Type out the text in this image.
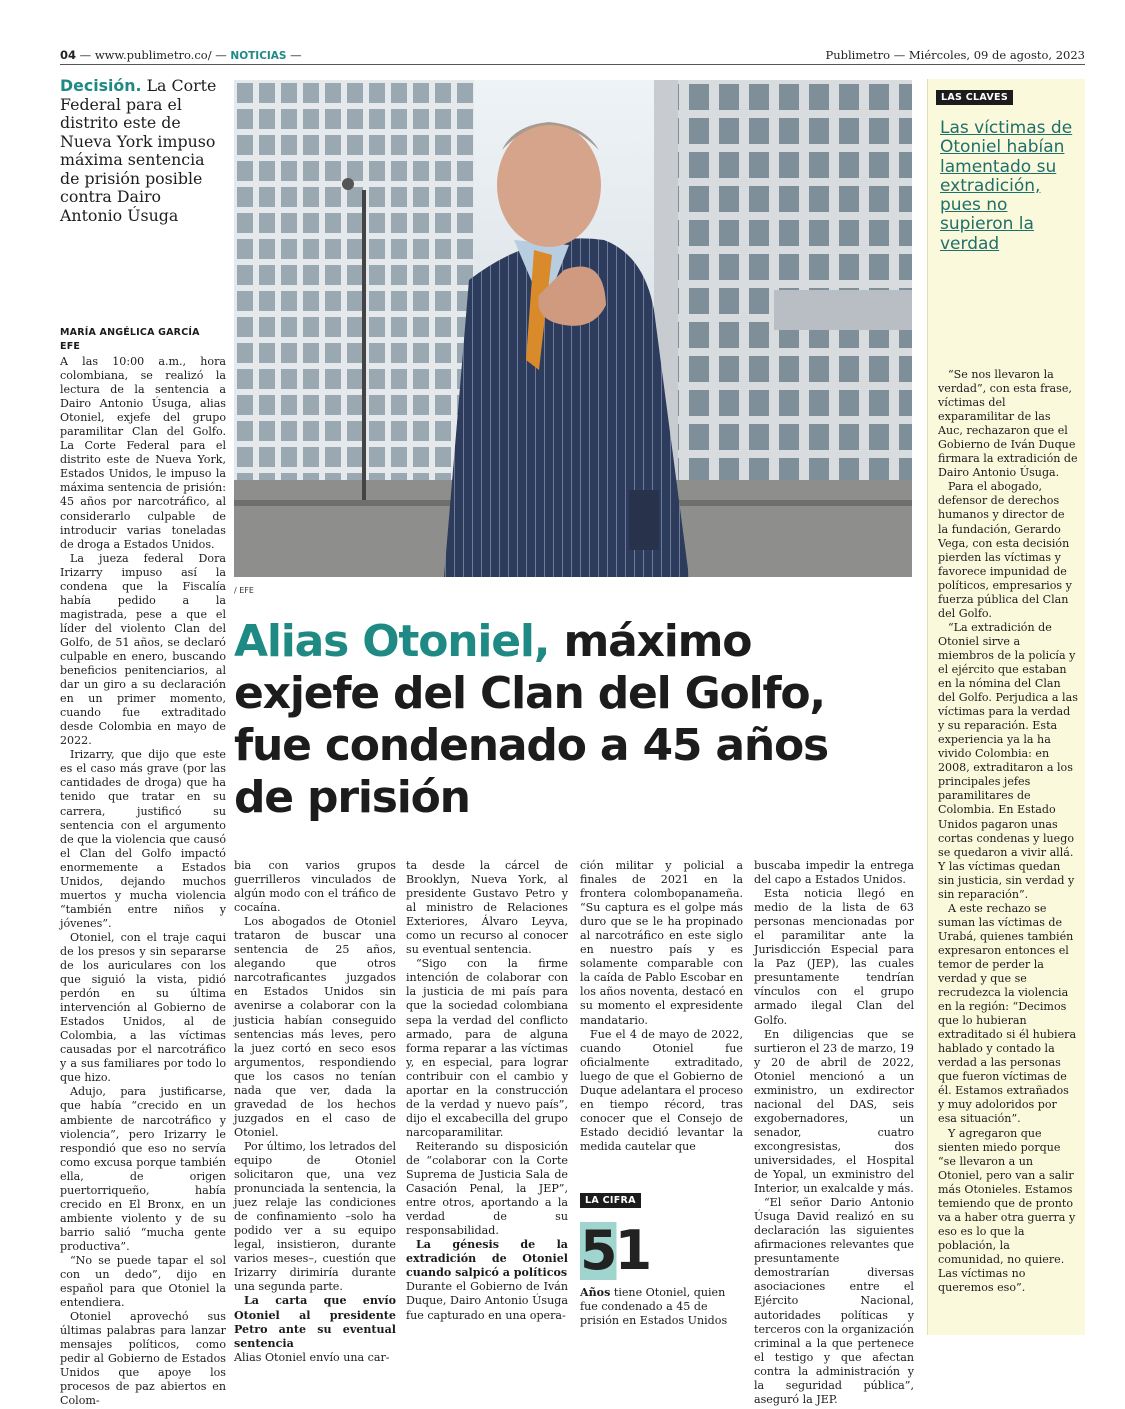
04 — www.publimetro.co/ — NOTICIAS —	Publimetro — Miércoles, 09 de agosto, 2023
Decisión. La Corte Federal para el distrito este de Nueva York impuso máxima sentencia de prisión posible contra Dairo Antonio Úsuga
/ EFE
Alias Otoniel, máximo exjefe del Clan del Golfo, fue condenado a 45 años de prisión
MARÍA ANGÉLICA GARCÍA
EFE

A las 10:00 a.m., hora colombiana, se realizó la lectura de la sentencia a Dairo Antonio Úsuga, alias Otoniel, exjefe del grupo paramilitar Clan del Golfo. La Corte Federal para el distrito este de Nueva York, Estados Unidos, le impuso la máxima sentencia de prisión: 45 años por narcotráfico, al considerarlo culpable de introducir varias toneladas de droga a Estados Unidos.

La jueza federal Dora Irizarry impuso así la condena que la Fiscalía había pedido a la magistrada, pese a que el líder del violento Clan del Golfo, de 51 años, se declaró culpable en enero, buscando beneficios penitenciarios, al dar un giro a su declaración en un primer momento, cuando fue extraditado desde Colombia en mayo de 2022.

Irizarry, que dijo que este es el caso más grave (por las cantidades de droga) que ha tenido que tratar en su carrera, justificó su sentencia con el argumento de que la violencia que causó el Clan del Golfo impactó enormemente a Estados Unidos, dejando muchos muertos y mucha violencia “también entre niños y jóvenes”.

Otoniel, con el traje caqui de los presos y sin separarse de los auriculares con los que siguió la vista, pidió perdón en su última intervención al Gobierno de Estados Unidos, al de Colombia, a las víctimas causadas por el narcotráfico y a sus familiares por todo lo que hizo.

Adujo, para justificarse, que había “crecido en un ambiente de narcotráfico y violencia”, pero Irizarry le respondió que eso no servía como excusa porque también ella, de origen puertorriqueño, había crecido en El Bronx, en un ambiente violento y de su barrio salió “mucha gente productiva”.

“No se puede tapar el sol con un dedo”, dijo en español para que Otoniel la entendiera.

Otoniel aprovechó sus últimas palabras para lanzar mensajes políticos, como pedir al Gobierno de Estados Unidos que apoye los procesos de paz abiertos en Colom-

bia con varios grupos guerrilleros vinculados de algún modo con el tráfico de cocaína.

Los abogados de Otoniel trataron de buscar una sentencia de 25 años, alegando que otros narcotraficantes juzgados en Estados Unidos sin avenirse a colaborar con la justicia habían conseguido sentencias más leves, pero la juez cortó en seco esos argumentos, respondiendo que los casos no tenían nada que ver, dada la gravedad de los hechos juzgados en el caso de Otoniel.

Por último, los letrados del equipo de Otoniel solicitaron que, una vez pronunciada la sentencia, la juez relaje las condiciones de confinamiento –solo ha podido ver a su equipo legal, insistieron, durante varios meses–, cuestión que Irizarry dirimiría durante una segunda parte.

La carta que envío Otoniel al presidente Petro ante su eventual sentencia

Alias Otoniel envío una car-

ta desde la cárcel de Brooklyn, Nueva York, al presidente Gustavo Petro y al ministro de Relaciones Exteriores, Álvaro Leyva, como un recurso al conocer su eventual sentencia.

“Sigo con la firme intención de colaborar con la justicia de mi país para que la sociedad colombiana sepa la verdad del conflicto armado, para de alguna forma reparar a las víctimas y, en especial, para lograr contribuir con el cambio y aportar en la construcción de la verdad y nuevo país”, dijo el excabecilla del grupo narcoparamilitar.

Reiterando su disposición de “colaborar con la Corte Suprema de Justicia Sala de Casación Penal, la JEP”, entre otros, aportando a la verdad de su responsabilidad.

La génesis de la extradición de Otoniel cuando salpicó a políticos

Durante el Gobierno de Iván Duque, Dairo Antonio Úsuga fue capturado en una opera-

ción militar y policial a finales de 2021 en la frontera colombopanameña. “Su captura es el golpe más duro que se le ha propinado al narcotráfico en este siglo en nuestro país y es solamente comparable con la caída de Pablo Escobar en los años noventa, destacó en su momento el expresidente mandatario.

Fue el 4 de mayo de 2022, cuando Otoniel fue oficialmente extraditado, luego de que el Gobierno de Duque adelantara el proceso en tiempo récord, tras conocer que el Consejo de Estado decidió levantar la medida cautelar que

LA CIFRA
51
Años tiene Otoniel, quien fue condenado a 45 de prisión en Estados Unidos

buscaba impedir la entrega del capo a Estados Unidos.

Esta noticia llegó en medio de la lista de 63 personas mencionadas por el paramilitar ante la Jurisdicción Especial para la Paz (JEP), las cuales presuntamente tendrían vínculos con el grupo armado ilegal Clan del Golfo.

En diligencias que se surtieron el 23 de marzo, 19 y 20 de abril de 2022, Otoniel mencionó a un exministro, un exdirector nacional del DAS, seis exgobernadores, un senador, cuatro excongresistas, dos universidades, el Hospital de Yopal, un exministro del Interior, un exalcalde y más.

“El señor Dario Antonio Úsuga David realizó en su declaración las siguientes afirmaciones relevantes que presuntamente demostrarían diversas asociaciones entre el Ejército Nacional, autoridades políticas y terceros con la organización criminal a la que pertenece el testigo y que afectan contra la administración y la seguridad pública”, aseguró la JEP.

LAS CLAVES
Las víctimas de Otoniel habían lamentado su extradición, pues no supieron la verdad

“Se nos llevaron la verdad”, con esta frase, víctimas del exparamilitar de las Auc, rechazaron que el Gobierno de Iván Duque firmara la extradición de Dairo Antonio Úsuga.

Para el abogado, defensor de derechos humanos y director de la fundación, Gerardo Vega, con esta decisión pierden las víctimas y favorece impunidad de políticos, empresarios y fuerza pública del Clan del Golfo.

“La extradición de Otoniel sirve a miembros de la policía y el ejército que estaban en la nómina del Clan del Golfo. Perjudica a las víctimas para la verdad y su reparación. Esta experiencia ya la ha vivido Colombia: en 2008, extraditaron a los principales jefes paramilitares de Colombia. En Estado Unidos pagaron unas cortas condenas y luego se quedaron a vivir allá. Y las víctimas quedan sin justicia, sin verdad y sin reparación”.

A este rechazo se suman las víctimas de Urabá, quienes también expresaron entonces el temor de perder la verdad y que se recrudezca la violencia en la región: “Decimos que lo hubieran extraditado si él hubiera hablado y contado la verdad a las personas que fueron víctimas de él. Estamos extrañados y muy adoloridos por esa situación”.

Y agregaron que sienten miedo porque “se llevaron a un Otoniel, pero van a salir más Otonieles. Estamos temiendo que de pronto va a haber otra guerra y eso es lo que la población, la comunidad, no quiere. Las víctimas no queremos eso”.
